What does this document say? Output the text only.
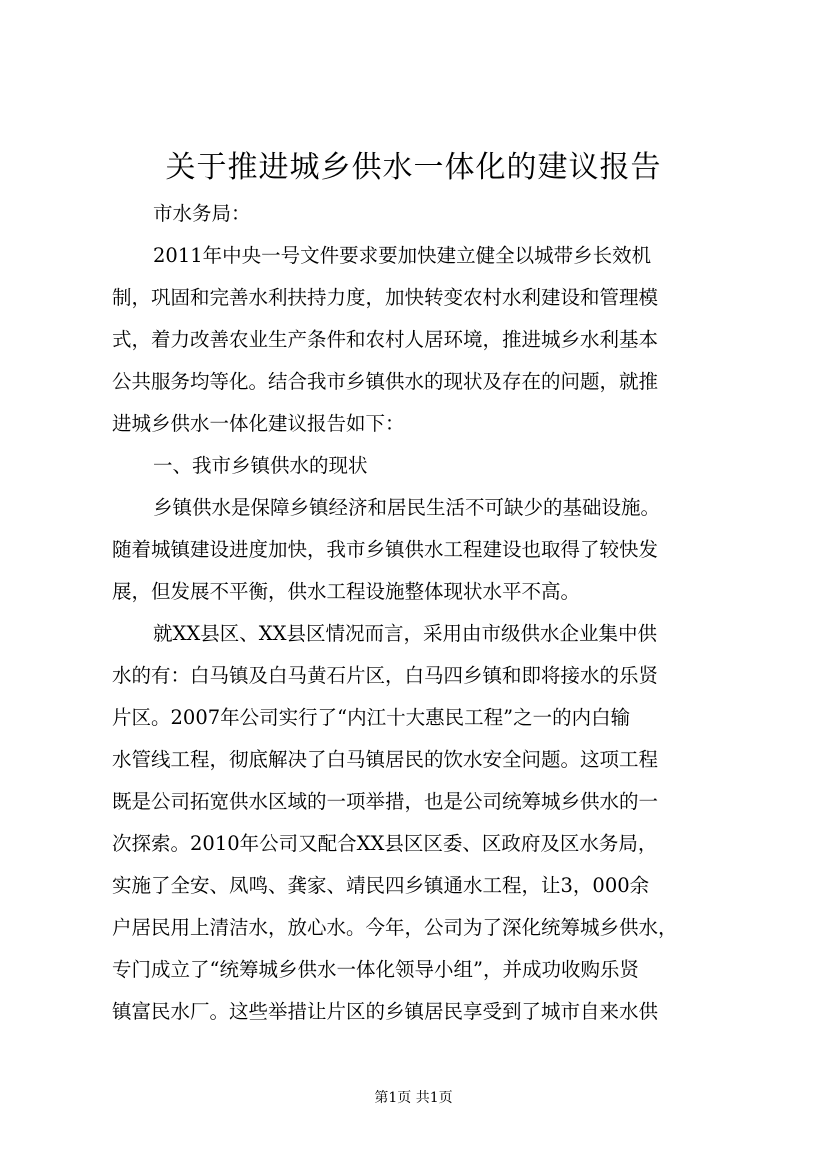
关于推进城乡供水一体化的建议报告
市水务局：
2011年中央一号文件要求要加快建立健全以城带乡长效机
制，巩固和完善水利扶持力度，加快转变农村水利建设和管理模
式，着力改善农业生产条件和农村人居环境，推进城乡水利基本
公共服务均等化。结合我市乡镇供水的现状及存在的问题，就推
进城乡供水一体化建议报告如下：
一、我市乡镇供水的现状
乡镇供水是保障乡镇经济和居民生活不可缺少的基础设施。
随着城镇建设进度加快，我市乡镇供水工程建设也取得了较快发
展，但发展不平衡，供水工程设施整体现状水平不高。
就XX县区、XX县区情况而言，采用由市级供水企业集中供
水的有：白马镇及白马黄石片区，白马四乡镇和即将接水的乐贤
片区。2007年公司实行了“内江十大惠民工程”之一的内白输
水管线工程，彻底解决了白马镇居民的饮水安全问题。这项工程
既是公司拓宽供水区域的一项举措，也是公司统筹城乡供水的一
次探索。2010年公司又配合XX县区区委、区政府及区水务局，
实施了全安、凤鸣、龚家、靖民四乡镇通水工程，让3，000余
户居民用上清洁水，放心水。今年，公司为了深化统筹城乡供水，
专门成立了“统筹城乡供水一体化领导小组”，并成功收购乐贤
镇富民水厂。这些举措让片区的乡镇居民享受到了城市自来水供
第1页 共1页
